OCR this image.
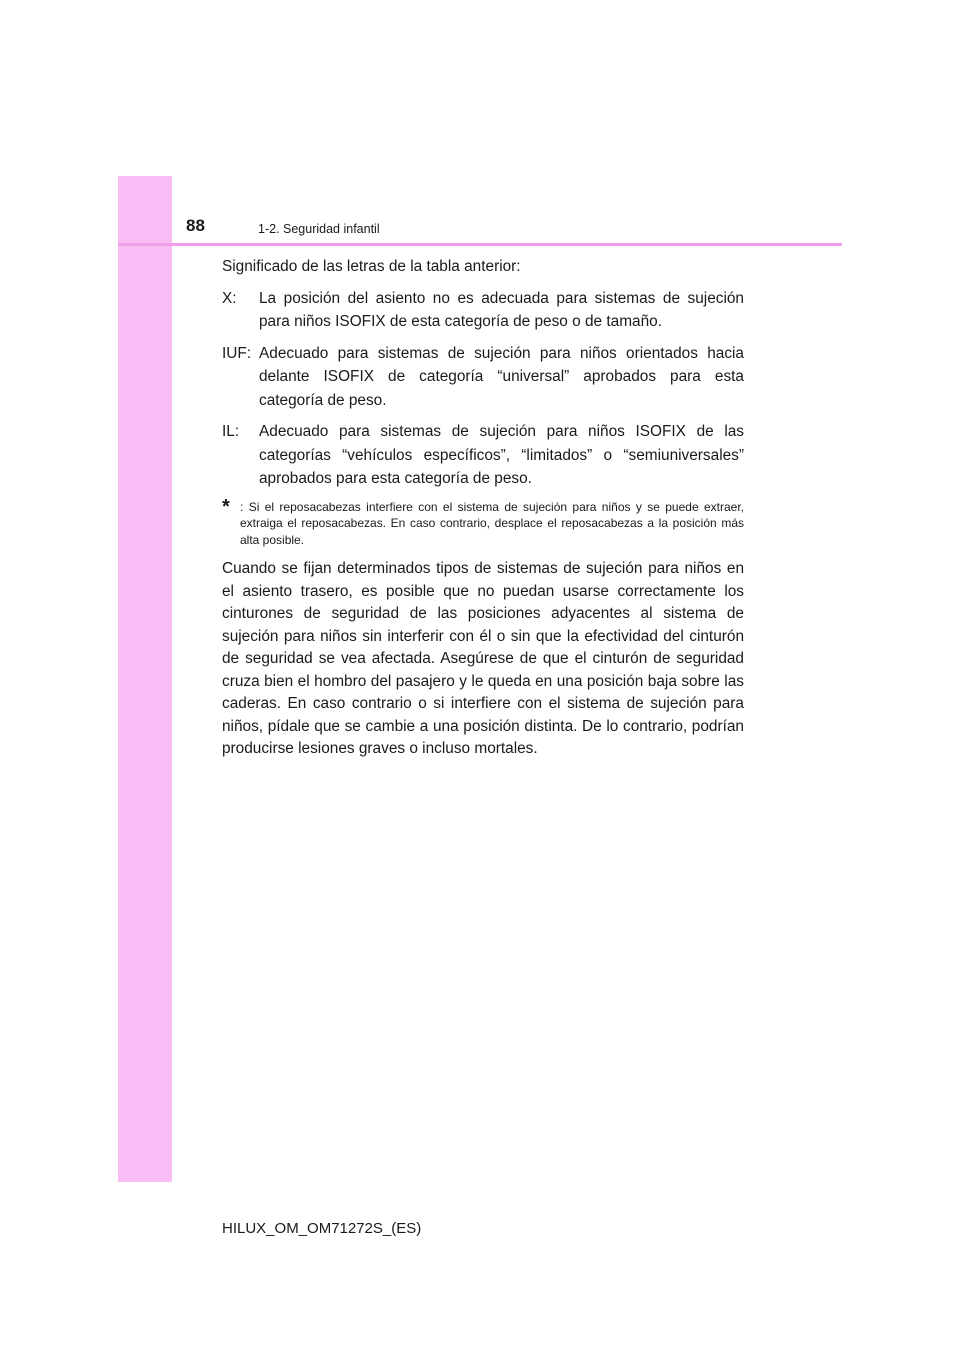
88	1-2. Seguridad infantil

Significado de las letras de la tabla anterior:

X:	La posición del asiento no es adecuada para sistemas de sujeción para niños ISOFIX de esta categoría de peso o de tamaño.
IUF: Adecuado para sistemas de sujeción para niños orientados hacia delante ISOFIX de categoría “universal” aprobados para esta categoría de peso.
IL:	Adecuado para sistemas de sujeción para niños ISOFIX de las categorías “vehículos específicos”, “limitados” o “semiuniversales” aprobados para esta categoría de peso.
* : Si el reposacabezas interfiere con el sistema de sujeción para niños y se puede extraer, extraiga el reposacabezas. En caso contrario, desplace el reposacabezas a la posición más alta posible.

Cuando se fijan determinados tipos de sistemas de sujeción para niños en el asiento trasero, es posible que no puedan usarse correctamente los cinturones de seguridad de las posiciones adyacentes al sistema de sujeción para niños sin interferir con él o sin que la efectividad del cinturón de seguridad se vea afectada. Asegúrese de que el cinturón de seguridad cruza bien el hombro del pasajero y le queda en una posición baja sobre las caderas. En caso contrario o si interfiere con el sistema de sujeción para niños, pídale que se cambie a una posición distinta. De lo contrario, podrían producirse lesiones graves o incluso mortales.

HILUX_OM_OM71272S_(ES)
